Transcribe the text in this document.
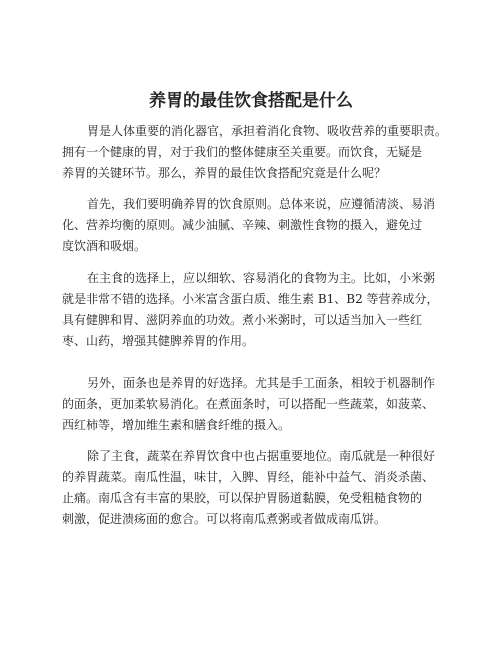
养胃的最佳饮食搭配是什么
胃是人体重要的消化器官，承担着消化食物、吸收营养的重要职责。
拥有一个健康的胃，对于我们的整体健康至关重要。而饮食，无疑是
养胃的关键环节。那么，养胃的最佳饮食搭配究竟是什么呢？
首先，我们要明确养胃的饮食原则。总体来说，应遵循清淡、易消
化、营养均衡的原则。减少油腻、辛辣、刺激性食物的摄入，避免过
度饮酒和吸烟。
在主食的选择上，应以细软、容易消化的食物为主。比如，小米粥
就是非常不错的选择。小米富含蛋白质、维生素 B1、B2 等营养成分，
具有健脾和胃、滋阴养血的功效。煮小米粥时，可以适当加入一些红
枣、山药，增强其健脾养胃的作用。
另外，面条也是养胃的好选择。尤其是手工面条，相较于机器制作
的面条，更加柔软易消化。在煮面条时，可以搭配一些蔬菜，如菠菜、
西红柿等，增加维生素和膳食纤维的摄入。
除了主食，蔬菜在养胃饮食中也占据重要地位。南瓜就是一种很好
的养胃蔬菜。南瓜性温，味甘，入脾、胃经，能补中益气、消炎杀菌、
止痛。南瓜含有丰富的果胶，可以保护胃肠道黏膜，免受粗糙食物的
刺激，促进溃疡面的愈合。可以将南瓜煮粥或者做成南瓜饼。
